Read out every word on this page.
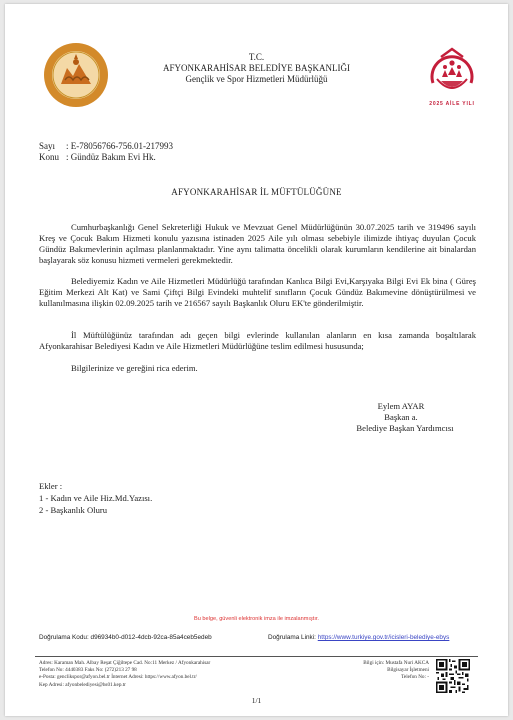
2025 AİLE YILI
T.C.
AFYONKARAHİSAR BELEDİYE BAŞKANLIĞI
Gençlik ve Spor Hizmetleri Müdürlüğü
Sayı : E-78056766-756.01-217993
Konu : Gündüz Bakım Evi Hk.
AFYONKARAHİSAR İL MÜFTÜLÜĞÜNE
Cumhurbaşkanlığı Genel Sekreterliği Hukuk ve Mevzuat Genel Müdürlüğünün 30.07.2025 tarih ve 319496 sayılı Kreş ve Çocuk Bakım Hizmeti konulu yazısına istinaden 2025 Aile yılı olması sebebiyle ilimizde ihtiyaç duyulan Çocuk Gündüz Bakımevlerinin açılması planlanmaktadır. Yine aynı talimatta öncelikli olarak kurumların kendilerine ait binalardan başlayarak söz konusu hizmeti vermeleri gerekmektedir.
Belediyemiz Kadın ve Aile Hizmetleri Müdürlüğü tarafından Kanlıca Bilgi Evi,Karşıyaka Bilgi Evi Ek bina ( Güreş Eğitim Merkezi Alt Kat) ve Sami Çiftçi Bilgi Evindeki muhtelif sınıfların Çocuk Gündüz Bakımevine dönüştürülmesi ve kullanılmasına ilişkin 02.09.2025 tarih ve 216567 sayılı Başkanlık Oluru EK'te gönderilmiştir.
İl Müftülüğünüz tarafından adı geçen bilgi evlerinde kullanılan alanların en kısa zamanda boşaltılarak Afyonkarahisar Belediyesi Kadın ve Aile Hizmetleri Müdürlüğüne teslim edilmesi hususunda;
Bilgilerinize ve gereğini rica ederim.
Eylem AYAR
Başkan a.
Belediye Başkan Yardımcısı
Ekler :
1 - Kadın ve Aile Hiz.Md.Yazısı.
2 - Başkanlık Oluru
Bu belge, güvenli elektronik imza ile imzalanmıştır.
Doğrulama Kodu: d96934b0-d012-4dcb-92ca-85a4ceb5edeb	Doğrulama Linki: https://www.turkiye.gov.tr/icisleri-belediye-ebys
Adres: Karaman Mah. Albay Reşat Çiğiltepe Cad. No:11 Merkez / Afyonkarahisar
Telefon No: 4440383 Faks No: (272)213 27 98
e-Posta: genclikspor@afyon.bel.tr İnternet Adresi: https://www.afyon.bel.tr/
Kep Adresi: afyonbelediyesi@hs01.kep.tr
Bilgi için: Mustafa Nuri AKCA
Bilgisayar İşletmeni
Telefon No: -
1/1
